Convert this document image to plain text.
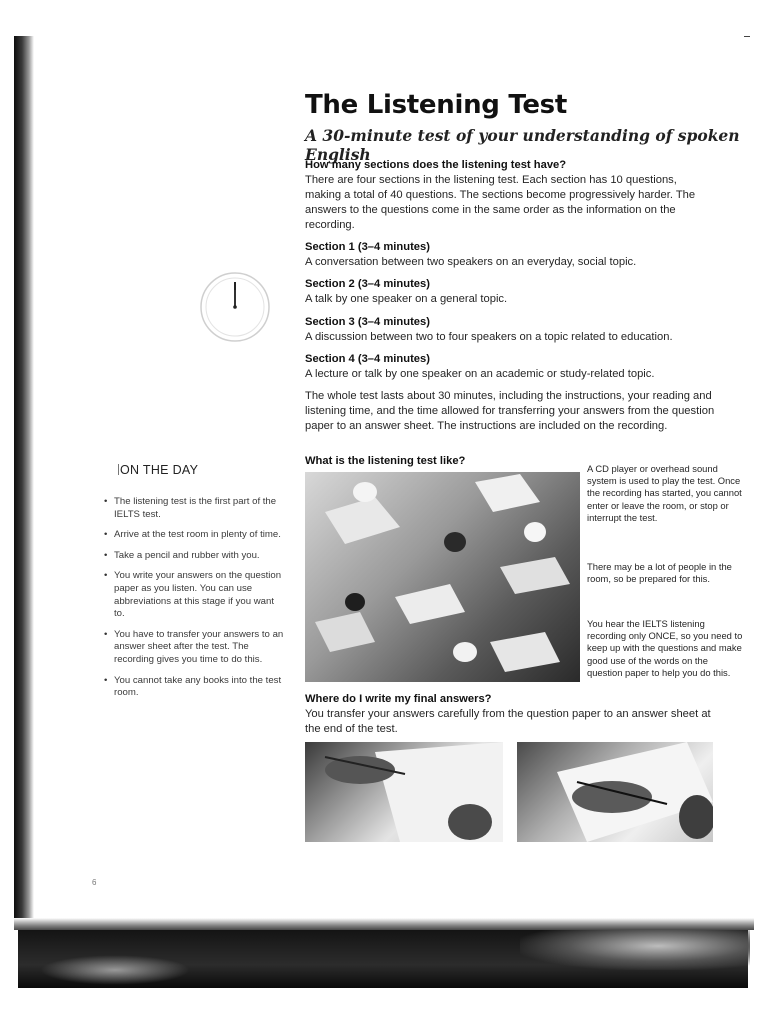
The Listening Test
A 30-minute test of your understanding of spoken English
How many sections does the listening test have?

There are four sections in the listening test. Each section has 10 questions, making a total of 40 questions. The sections become progressively harder. The answers to the questions come in the same order as the information on the recording.

Section 1 (3–4 minutes)

A conversation between two speakers on an everyday, social topic.

Section 2 (3–4 minutes)

A talk by one speaker on a general topic.

Section 3 (3–4 minutes)

A discussion between two to four speakers on a topic related to education.

Section 4 (3–4 minutes)

A lecture or talk by one speaker on an academic or study-related topic.

The whole test lasts about 30 minutes, including the instructions, your reading and listening time, and the time allowed for transferring your answers from the question paper to an answer sheet. The instructions are included on the recording.

ON THE DAY
• The listening test is the first part of the IELTS test.
• Arrive at the test room in plenty of time.
• Take a pencil and rubber with you.
• You write your answers on the question paper as you listen. You can use abbreviations at this stage if you want to.
• You have to transfer your answers to an answer sheet after the test. The recording gives you time to do this.
• You cannot take any books into the test room.
What is the listening test like?

A CD player or overhead sound system is used to play the test. Once the recording has started, you cannot enter or leave the room, or stop or interrupt the test.

There may be a lot of people in the room, so be prepared for this.

You hear the IELTS listening recording only ONCE, so you need to keep up with the questions and make good use of the words on the question paper to help you do this.

Where do I write my final answers?
You transfer your answers carefully from the question paper to an answer sheet at the end of the test.
6
